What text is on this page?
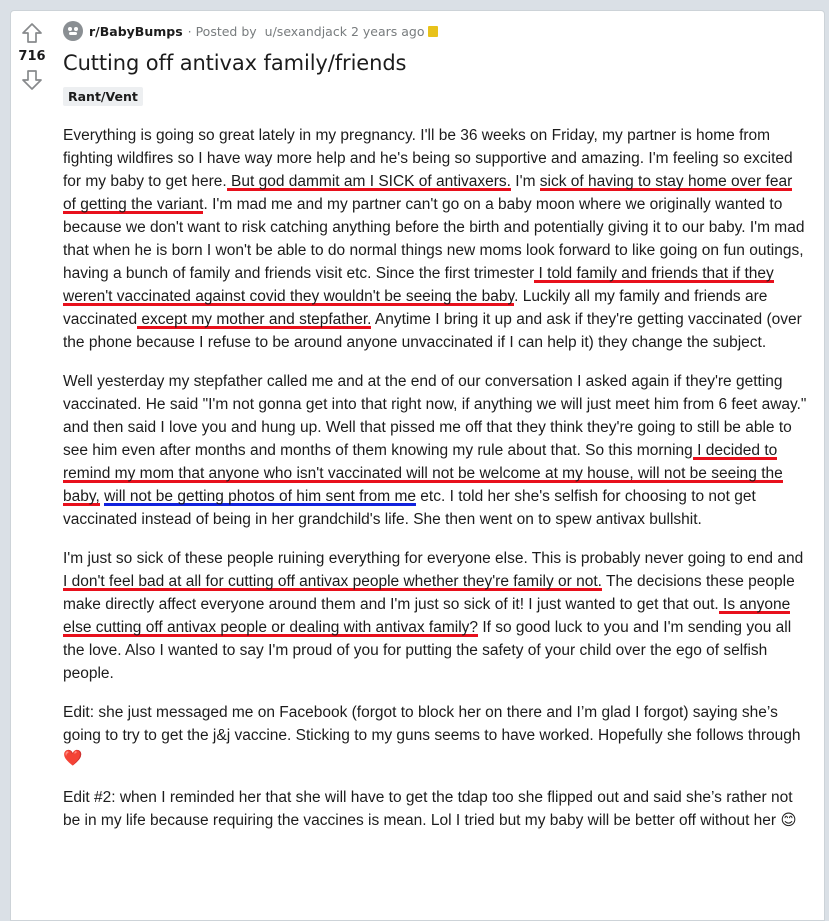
716
r/BabyBumps · Posted by u/sexandjack 2 years ago
Cutting off antivax family/friends
Rant/Vent

Everything is going so great lately in my pregnancy. I'll be 36 weeks on Friday, my partner is home from fighting wildfires so I have way more help and he's being so supportive and amazing. I'm feeling so excited for my baby to get here. But god dammit am I SICK of antivaxers. I'm sick of having to stay home over fear of getting the variant. I'm mad me and my partner can't go on a baby moon where we originally wanted to because we don't want to risk catching anything before the birth and potentially giving it to our baby. I'm mad that when he is born I won't be able to do normal things new moms look forward to like going on fun outings, having a bunch of family and friends visit etc. Since the first trimester I told family and friends that if they weren't vaccinated against covid they wouldn't be seeing the baby. Luckily all my family and friends are vaccinated except my mother and stepfather. Anytime I bring it up and ask if they're getting vaccinated (over the phone because I refuse to be around anyone unvaccinated if I can help it) they change the subject.

Well yesterday my stepfather called me and at the end of our conversation I asked again if they're getting vaccinated. He said "I'm not gonna get into that right now, if anything we will just meet him from 6 feet away." and then said I love you and hung up. Well that pissed me off that they think they're going to still be able to see him even after months and months of them knowing my rule about that. So this morning I decided to remind my mom that anyone who isn't vaccinated will not be welcome at my house, will not be seeing the baby, will not be getting photos of him sent from me etc. I told her she's selfish for choosing to not get vaccinated instead of being in her grandchild's life. She then went on to spew antivax bullshit.

I'm just so sick of these people ruining everything for everyone else. This is probably never going to end and I don't feel bad at all for cutting off antivax people whether they're family or not. The decisions these people make directly affect everyone around them and I'm just so sick of it! I just wanted to get that out. Is anyone else cutting off antivax people or dealing with antivax family? If so good luck to you and I'm sending you all the love. Also I wanted to say I'm proud of you for putting the safety of your child over the ego of selfish people.

Edit: she just messaged me on Facebook (forgot to block her on there and I’m glad I forgot) saying she’s going to try to get the j&j vaccine. Sticking to my guns seems to have worked. Hopefully she follows through❤️

Edit #2: when I reminded her that she will have to get the tdap too she flipped out and said she’s rather not be in my life because requiring the vaccines is mean. Lol I tried but my baby will be better off without her 😊
